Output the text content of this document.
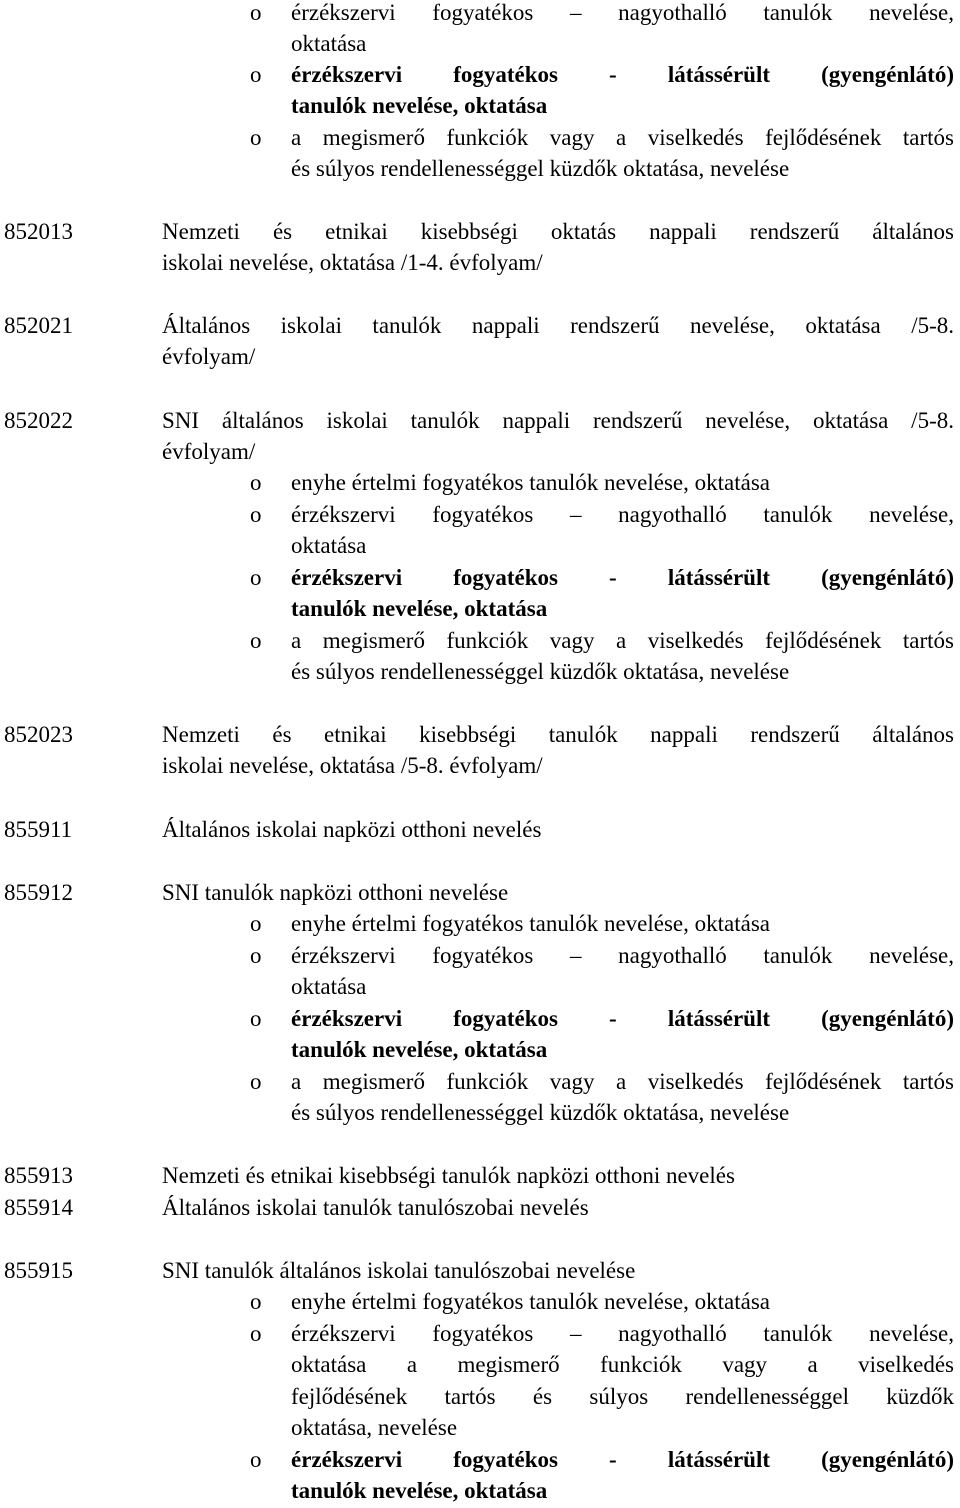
o érzékszervi fogyatékos – nagyothalló tanulók nevelése,
oktatása
o érzékszervi fogyatékos - látássérült (gyengénlátó)
tanulók nevelése, oktatása
o a megismerő funkciók vagy a viselkedés fejlődésének tartós
és súlyos rendellenességgel küzdők oktatása, nevelése
852013	Nemzeti és etnikai kisebbségi oktatás nappali rendszerű általános
iskolai nevelése, oktatása /1-4. évfolyam/
852021	Általános iskolai tanulók nappali rendszerű nevelése, oktatása /5-8.
évfolyam/
852022	SNI általános iskolai tanulók nappali rendszerű nevelése, oktatása /5-8.
évfolyam/
o enyhe értelmi fogyatékos tanulók nevelése, oktatása
o érzékszervi fogyatékos – nagyothalló tanulók nevelése,
oktatása
o érzékszervi fogyatékos - látássérült (gyengénlátó)
tanulók nevelése, oktatása
o a megismerő funkciók vagy a viselkedés fejlődésének tartós
és súlyos rendellenességgel küzdők oktatása, nevelése
852023	Nemzeti és etnikai kisebbségi tanulók nappali rendszerű általános
iskolai nevelése, oktatása /5-8. évfolyam/
855911	Általános iskolai napközi otthoni nevelés
855912	SNI tanulók napközi otthoni nevelése
o enyhe értelmi fogyatékos tanulók nevelése, oktatása
o érzékszervi fogyatékos – nagyothalló tanulók nevelése,
oktatása
o érzékszervi fogyatékos - látássérült (gyengénlátó)
tanulók nevelése, oktatása
o a megismerő funkciók vagy a viselkedés fejlődésének tartós
és súlyos rendellenességgel küzdők oktatása, nevelése
855913	Nemzeti és etnikai kisebbségi tanulók napközi otthoni nevelés
855914	Általános iskolai tanulók tanulószobai nevelés
855915	SNI tanulók általános iskolai tanulószobai nevelése
o enyhe értelmi fogyatékos tanulók nevelése, oktatása
o érzékszervi fogyatékos – nagyothalló tanulók nevelése,
oktatása a megismerő funkciók vagy a viselkedés
fejlődésének tartós és súlyos rendellenességgel küzdők
oktatása, nevelése
o érzékszervi fogyatékos - látássérült (gyengénlátó)
tanulók nevelése, oktatása
